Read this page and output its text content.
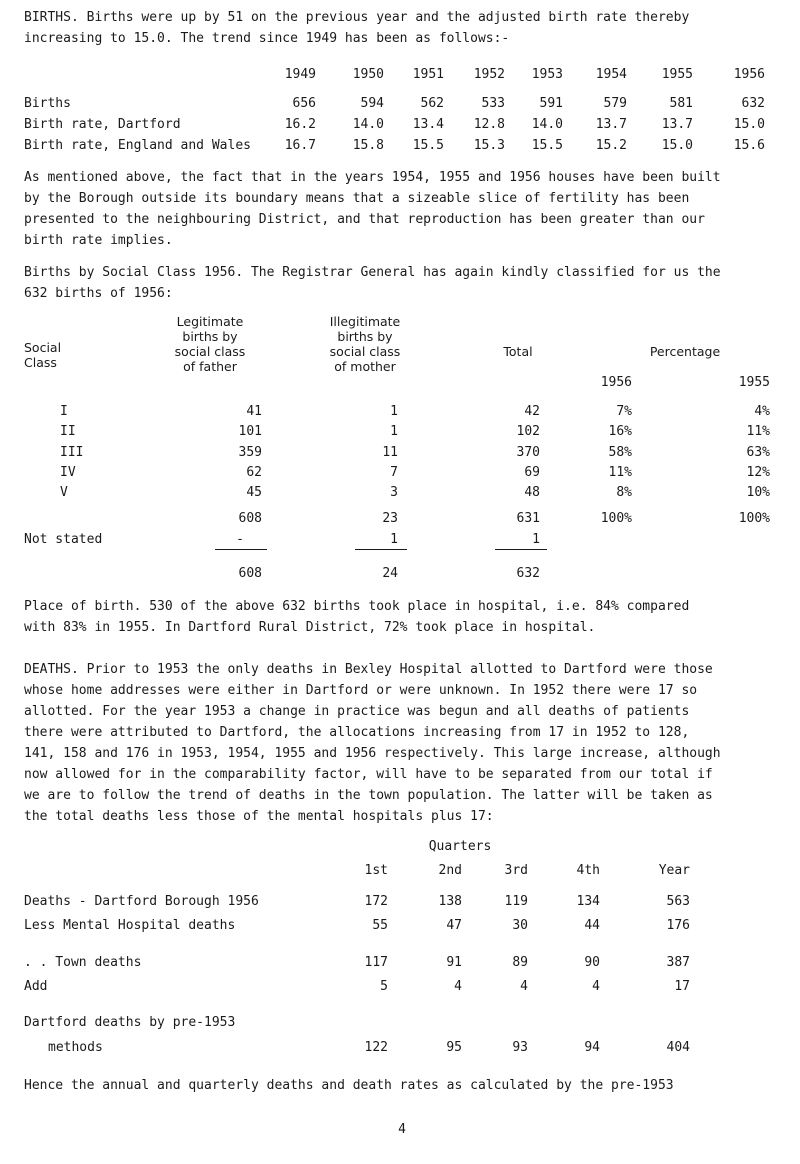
BIRTHS. Births were up by 51 on the previous year and the adjusted birth rate thereby
increasing to 15.0. The trend since 1949 has been as follows:-
1949	1950	1951	1952	1953	1954	1955	1956
Births	656	594	562	533	591	579	581	632
Birth rate, Dartford	16.2	14.0	13.4	12.8	14.0	13.7	13.7	15.0
Birth rate, England and Wales	16.7	15.8	15.5	15.3	15.5	15.2	15.0	15.6
As mentioned above, the fact that in the years 1954, 1955 and 1956 houses have been built
by the Borough outside its boundary means that a sizeable slice of fertility has been
presented to the neighbouring District, and that reproduction has been greater than our
birth rate implies.
Births by Social Class 1956. The Registrar General has again kindly classified for us the
632 births of 1956:
Social
Class
Legitimate
births by
social class
of father
Illegitimate
births by
social class
of mother
Total	Percentage
1956	1955
I	41	1	42	7%	4%
II	101	1	102	16%	11%
III	359	11	370	58%	63%
IV	62	7	69	11%	12%
V	45	3	48	8%	10%
608	23	631	100%	100%
Not stated	-	1	1
608	24	632
Place of birth. 530 of the above 632 births took place in hospital, i.e. 84% compared
with 83% in 1955. In Dartford Rural District, 72% took place in hospital.
DEATHS. Prior to 1953 the only deaths in Bexley Hospital allotted to Dartford were those
whose home addresses were either in Dartford or were unknown. In 1952 there were 17 so
allotted. For the year 1953 a change in practice was begun and all deaths of patients
there were attributed to Dartford, the allocations increasing from 17 in 1952 to 128,
141, 158 and 176 in 1953, 1954, 1955 and 1956 respectively. This large increase, although
now allowed for in the comparability factor, will have to be separated from our total if
we are to follow the trend of deaths in the town population. The latter will be taken as
the total deaths less those of the mental hospitals plus 17:
Quarters
1st	2nd	3rd	4th	Year
Deaths - Dartford Borough 1956	172	138	119	134	563
Less Mental Hospital deaths	55	47	30	44	176
. . Town deaths	117	91	89	90	387
Add	5	4	4	4	17
Dartford deaths by pre-1953
methods	122	95	93	94	404
Hence the annual and quarterly deaths and death rates as calculated by the pre-1953
4
